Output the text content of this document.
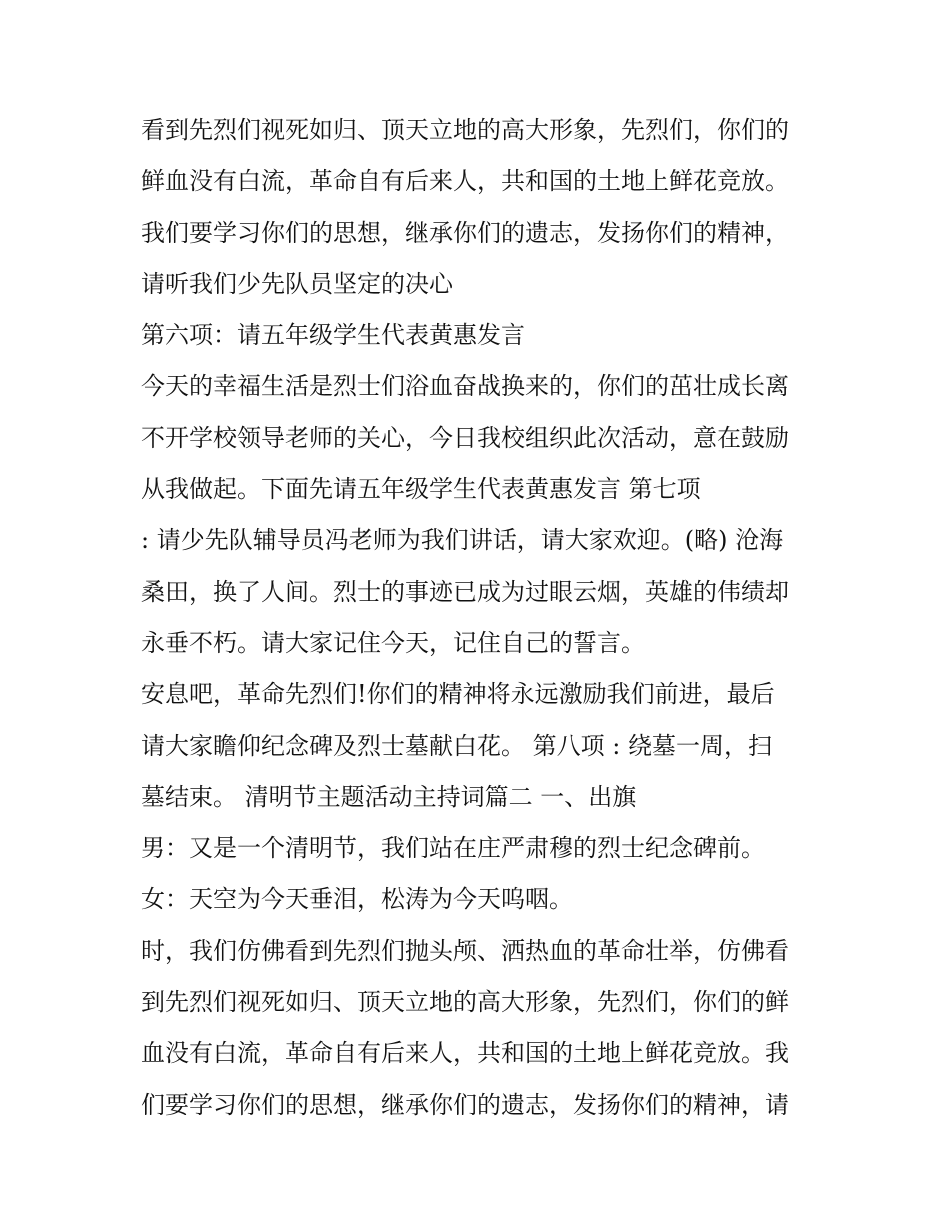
看到先烈们视死如归、顶天立地的高大形象，先烈们，你们的
鲜血没有白流，革命自有后来人，共和国的土地上鲜花竞放。
我们要学习你们的思想，继承你们的遗志，发扬你们的精神，
请听我们少先队员坚定的决心
第六项：请五年级学生代表黄惠发言
今天的幸福生活是烈士们浴血奋战换来的，你们的茁壮成长离
不开学校领导老师的关心，今日我校组织此次活动，意在鼓励
从我做起。下面先请五年级学生代表黄惠发言 第七项
: 请少先队辅导员冯老师为我们讲话，请大家欢迎。(略) 沧海
桑田，换了人间。烈士的事迹已成为过眼云烟，英雄的伟绩却
永垂不朽。请大家记住今天，记住自己的誓言。
安息吧，革命先烈们!你们的精神将永远激励我们前进，最后
请大家瞻仰纪念碑及烈士墓献白花。 第八项 : 绕墓一周，扫
墓结束。 清明节主题活动主持词篇二 一、出旗
男：又是一个清明节，我们站在庄严肃穆的烈士纪念碑前。
女：天空为今天垂泪，松涛为今天呜咽。
时，我们仿佛看到先烈们抛头颅、洒热血的革命壮举，仿佛看
到先烈们视死如归、顶天立地的高大形象，先烈们，你们的鲜
血没有白流，革命自有后来人，共和国的土地上鲜花竞放。我
们要学习你们的思想，继承你们的遗志，发扬你们的精神，请
